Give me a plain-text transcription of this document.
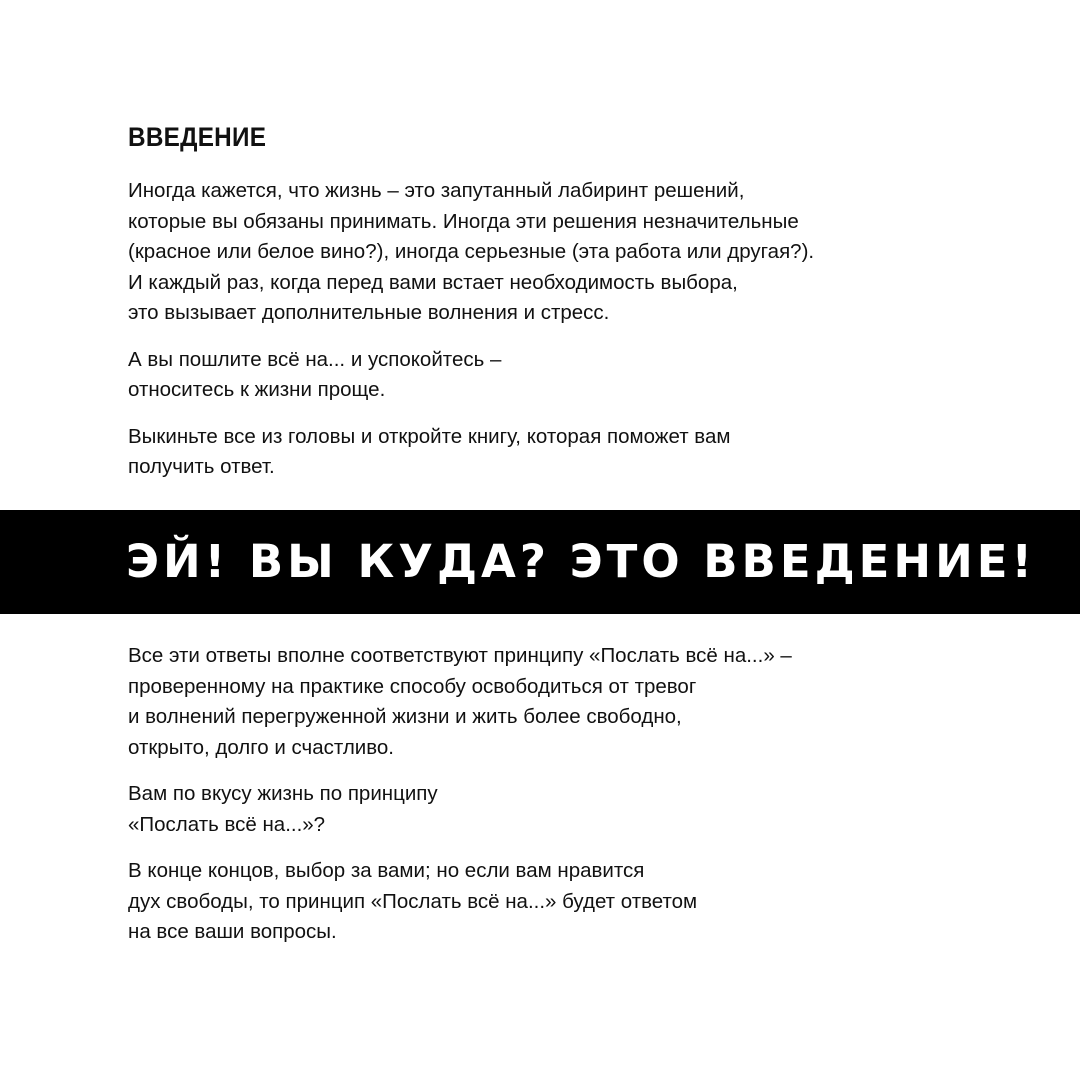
ВВЕДЕНИЕ

Иногда кажется, что жизнь – это запутанный лабиринт решений,
которые вы обязаны принимать. Иногда эти решения незначительные
(красное или белое вино?), иногда серьезные (эта работа или другая?).
И каждый раз, когда перед вами встает необходимость выбора,
это вызывает дополнительные волнения и стресс.

А вы пошлите всё на... и успокойтесь –
относитесь к жизни проще.

Выкиньте все из головы и откройте книгу, которая поможет вам
получить ответ.

ЭЙ! ВЫ КУДА? ЭТО ВВЕДЕНИЕ!

Все эти ответы вполне соответствуют принципу «Послать всё на...» –
проверенному на практике способу освободиться от тревог
и волнений перегруженной жизни и жить более свободно,
открыто, долго и счастливо.

Вам по вкусу жизнь по принципу
«Послать всё на...»?

В конце концов, выбор за вами; но если вам нравится
дух свободы, то принцип «Послать всё на...» будет ответом
на все ваши вопросы.
